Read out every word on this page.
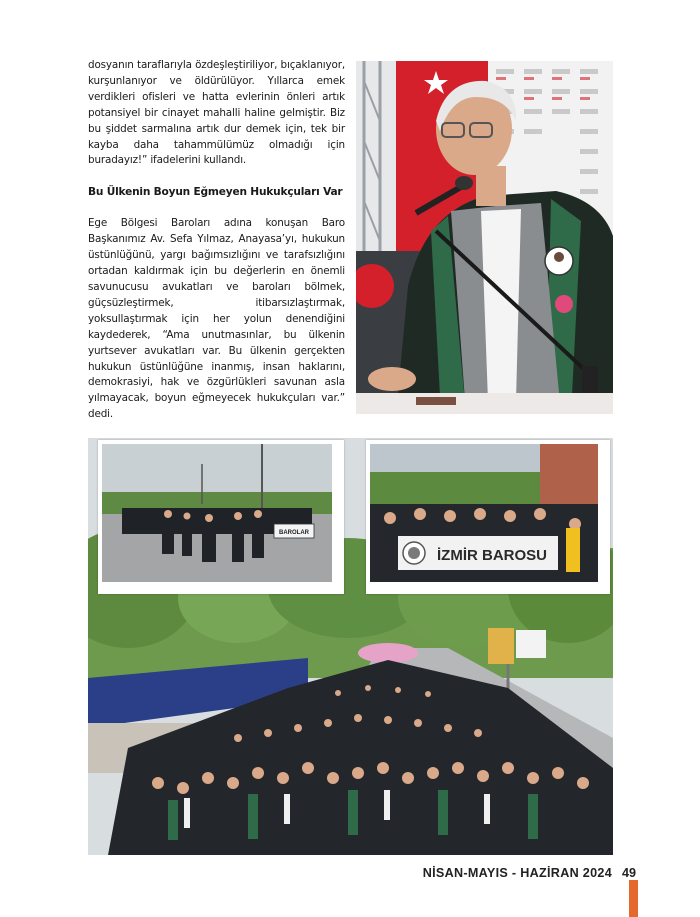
dosyanın taraflarıyla özdeşleştiriliyor, bıçaklanıyor, kurşunlanıyor ve öldürülüyor. Yıllarca emek verdikleri ofisleri ve hatta evlerinin önleri artık potansiyel bir cinayet mahalli haline gelmiştir. Biz bu şiddet sarmalına artık dur demek için, tek bir kayba daha tahammülümüz olmadığı için buradayız!” ifadelerini kullandı.

Bu Ülkenin Boyun Eğmeyen Hukukçuları Var

Ege Bölgesi Baroları adına konuşan Baro Başkanımız Av. Sefa Yılmaz, Anayasa’yı, hukukun üstünlüğünü, yargı bağımsızlığını ve tarafsızlığını ortadan kaldırmak için bu değerlerin en önemli savunucusu avukatları ve baroları bölmek, güçsüzleştirmek, itibarsızlaştırmak, yoksullaştırmak için her yolun denendiğini kaydederek, “Ama unutmasınlar, bu ülkenin yurtsever avukatları var. Bu ülkenin gerçekten hukukun üstünlüğüne inanmış, insan haklarını, demokrasiyi, hak ve özgürlükleri savunan asla yılmayacak, boyun eğmeyecek hukukçuları var.” dedi.

BAROLAR
İZMİR BAROSU
NİSAN-MAYIS - HAZİRAN 2024 49
